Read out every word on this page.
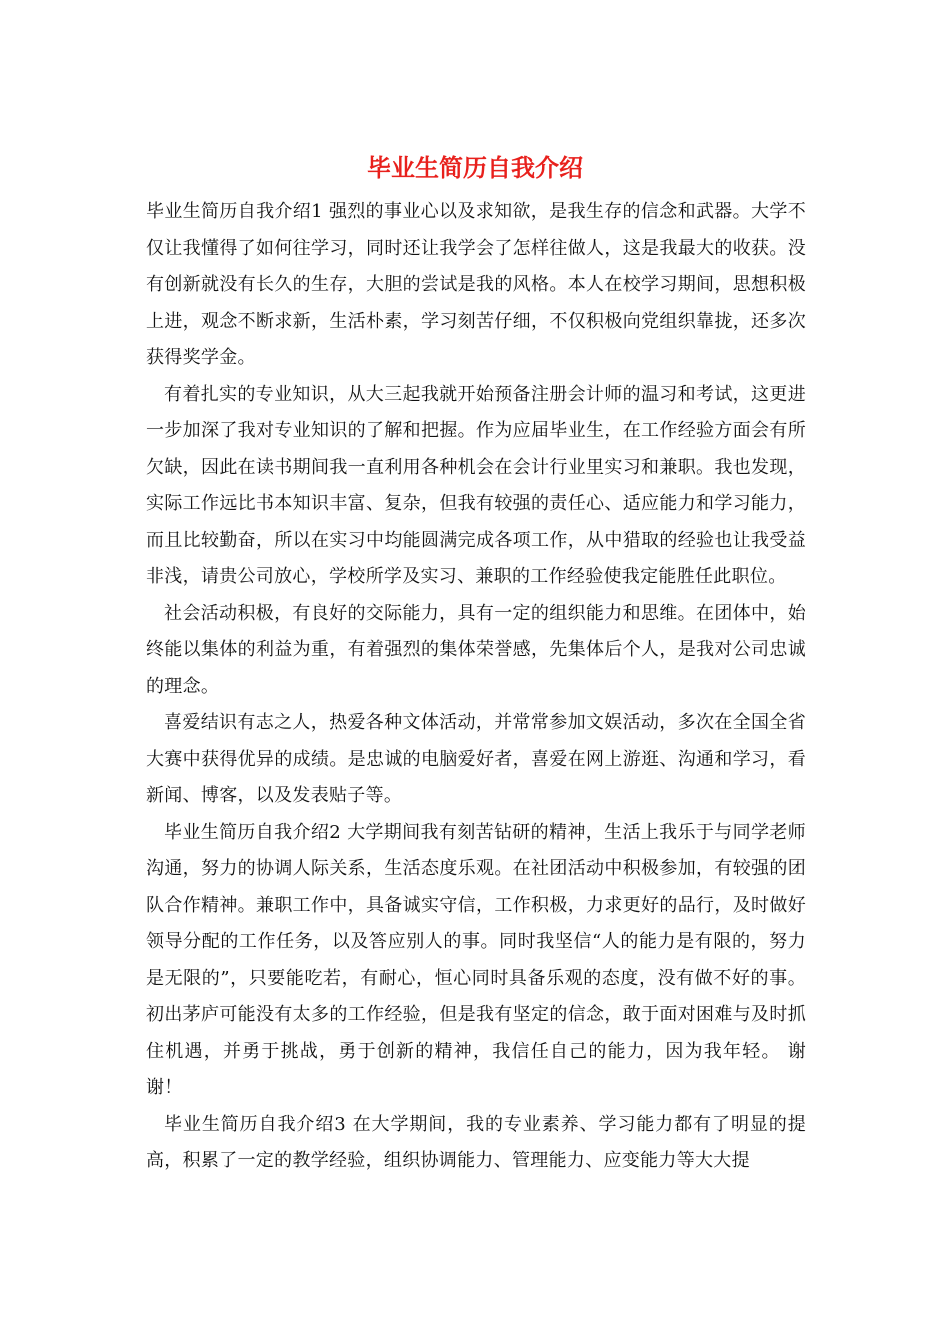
毕业生简历自我介绍

毕业生简历自我介绍1 强烈的事业心以及求知欲，是我生存的信念和武器。大学不仅让我懂得了如何往学习，同时还让我学会了怎样往做人，这是我最大的收获。没有创新就没有长久的生存，大胆的尝试是我的风格。本人在校学习期间，思想积极上进，观念不断求新，生活朴素，学习刻苦仔细，不仅积极向党组织靠拢，还多次获得奖学金。

有着扎实的专业知识，从大三起我就开始预备注册会计师的温习和考试，这更进一步加深了我对专业知识的了解和把握。作为应届毕业生，在工作经验方面会有所欠缺，因此在读书期间我一直利用各种机会在会计行业里实习和兼职。我也发现，实际工作远比书本知识丰富、复杂，但我有较强的责任心、适应能力和学习能力，而且比较勤奋，所以在实习中均能圆满完成各项工作，从中猎取的经验也让我受益非浅，请贵公司放心，学校所学及实习、兼职的工作经验使我定能胜任此职位。

社会活动积极，有良好的交际能力，具有一定的组织能力和思维。在团体中，始终能以集体的利益为重，有着强烈的集体荣誉感，先集体后个人，是我对公司忠诚的理念。

喜爱结识有志之人，热爱各种文体活动，并常常参加文娱活动，多次在全国全省大赛中获得优异的成绩。是忠诚的电脑爱好者，喜爱在网上游逛、沟通和学习，看新闻、博客，以及发表贴子等。

毕业生简历自我介绍2 大学期间我有刻苦钻研的精神，生活上我乐于与同学老师沟通，努力的协调人际关系，生活态度乐观。在社团活动中积极参加，有较强的团队合作精神。兼职工作中，具备诚实守信，工作积极，力求更好的品行，及时做好领导分配的工作任务，以及答应别人的事。同时我坚信“人的能力是有限的，努力是无限的”，只要能吃若，有耐心，恒心同时具备乐观的态度，没有做不好的事。初出茅庐可能没有太多的工作经验，但是我有坚定的信念，敢于面对困难与及时抓住机遇，并勇于挑战，勇于创新的精神，我信任自己的能力，因为我年轻。 谢谢！

毕业生简历自我介绍3 在大学期间，我的专业素养、学习能力都有了明显的提高，积累了一定的教学经验，组织协调能力、管理能力、应变能力等大大提
